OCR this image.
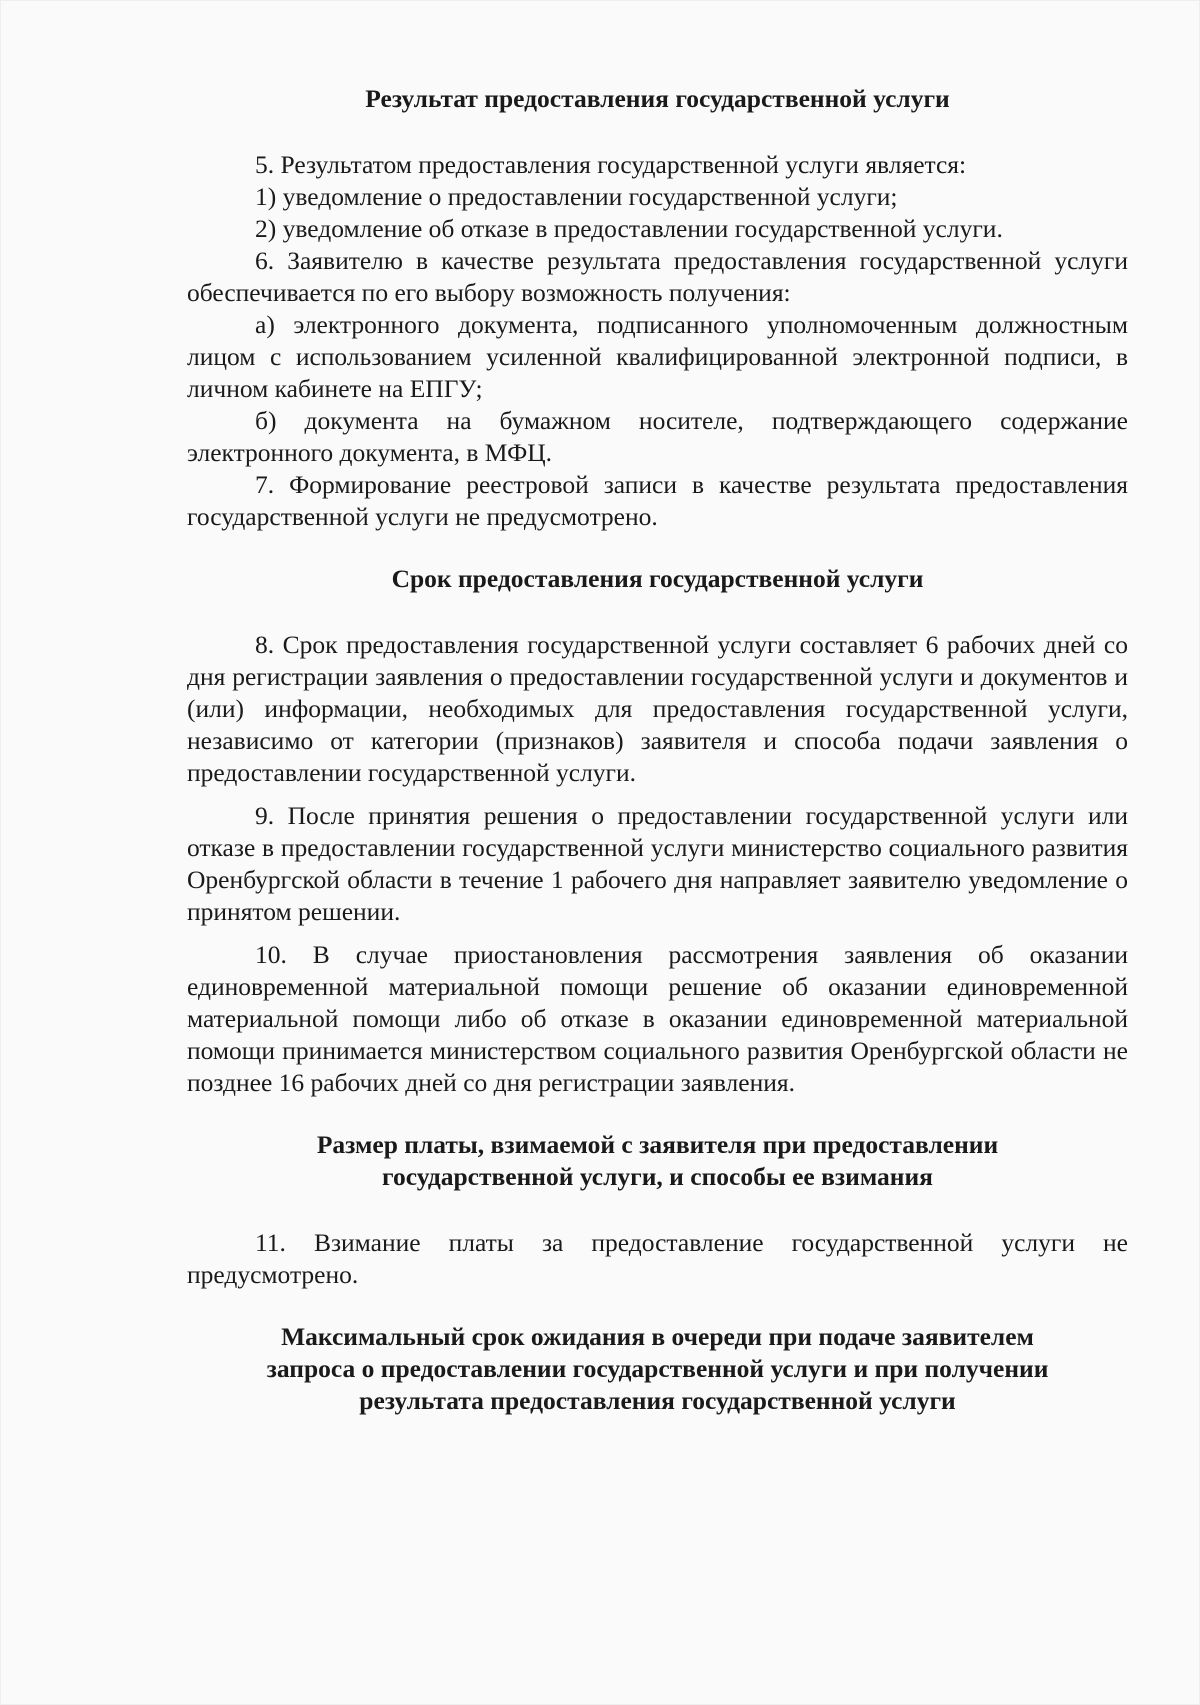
Результат предоставления государственной услуги

5. Результатом предоставления государственной услуги является:

1) уведомление о предоставлении государственной услуги;

2) уведомление об отказе в предоставлении государственной услуги.

6. Заявителю в качестве результата предоставления государственной услуги обеспечивается по его выбору возможность получения:

а) электронного документа, подписанного уполномоченным должностным лицом с использованием усиленной квалифицированной электронной подписи, в личном кабинете на ЕПГУ;

б) документа на бумажном носителе, подтверждающего содержание электронного документа, в МФЦ.

7. Формирование реестровой записи в качестве результата предоставления государственной услуги не предусмотрено.

Срок предоставления государственной услуги

8. Срок предоставления государственной услуги составляет 6 рабочих дней со дня регистрации заявления о предоставлении государственной услуги и документов и (или) информации, необходимых для предоставления государственной услуги, независимо от категории (признаков) заявителя и способа подачи заявления о предоставлении государственной услуги.

9. После принятия решения о предоставлении государственной услуги или отказе в предоставлении государственной услуги министерство социального развития Оренбургской области в течение 1 рабочего дня направляет заявителю уведомление о принятом решении.

10. В случае приостановления рассмотрения заявления об оказании единовременной материальной помощи решение об оказании единовременной материальной помощи либо об отказе в оказании единовременной материальной помощи принимается министерством социального развития Оренбургской области не позднее 16 рабочих дней со дня регистрации заявления.

Размер платы, взимаемой с заявителя при предоставлении
государственной услуги, и способы ее взимания

11. Взимание платы за предоставление государственной услуги не предусмотрено.

Максимальный срок ожидания в очереди при подаче заявителем
запроса о предоставлении государственной услуги и при получении
результата предоставления государственной услуги
